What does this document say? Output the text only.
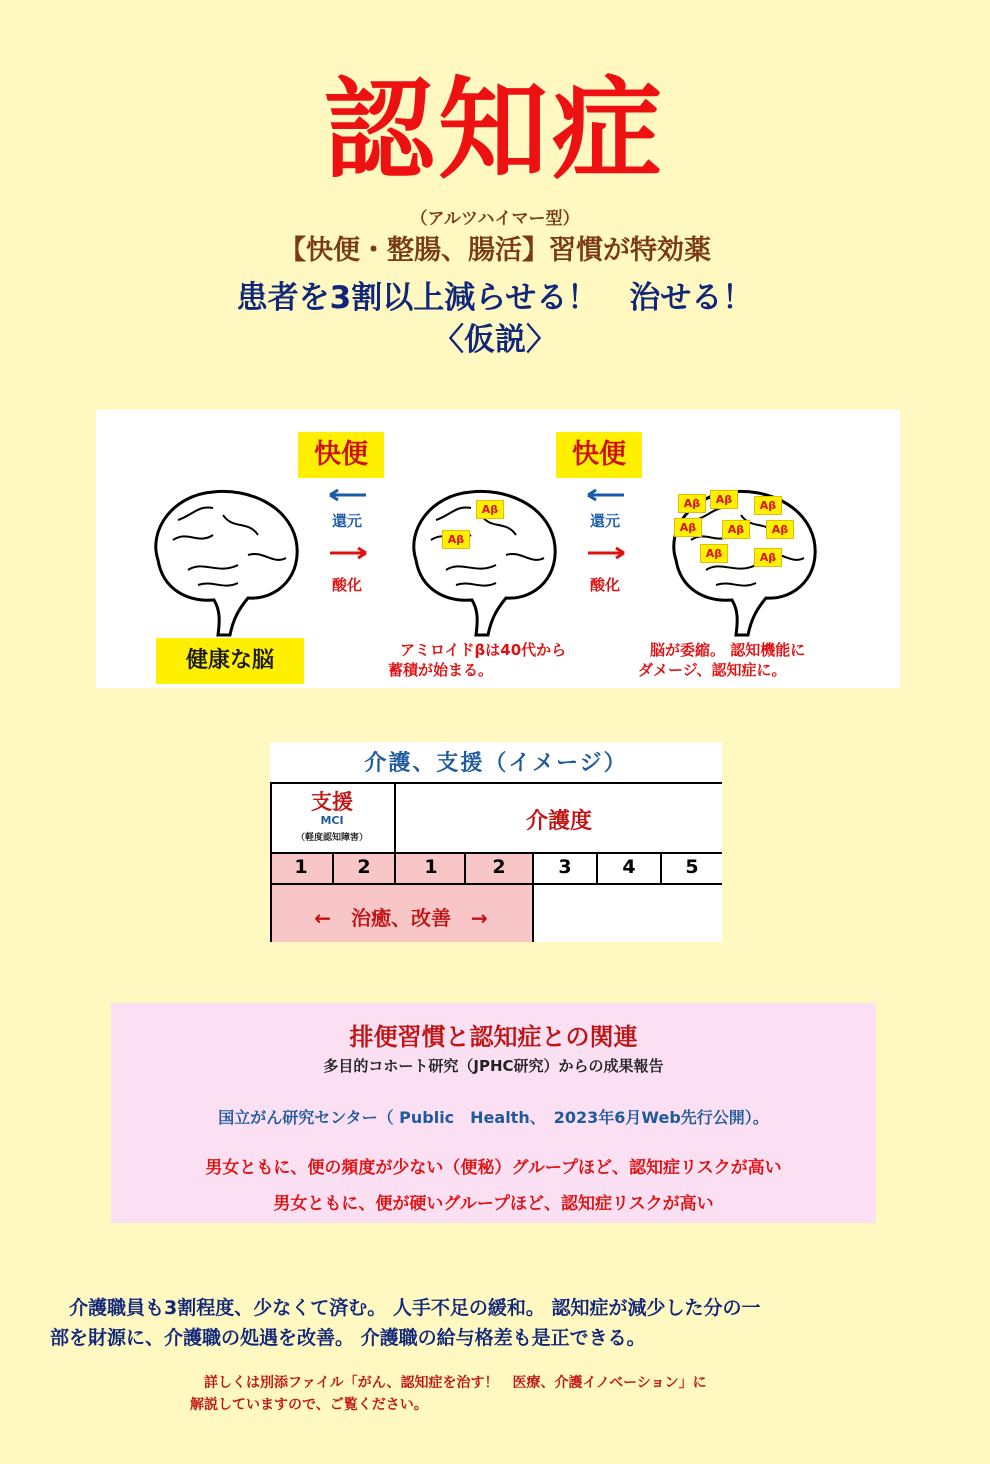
認知症
（アルツハイマー型）
【快便・整腸、腸活】習慣が特効薬
患者を3割以上減らせる！　治せる！
〈仮説〉
快便	快便
還元
酸化
還元
酸化
Aβ
Aβ
Aβ	Aβ	Aβ
Aβ	Aβ	Aβ
Aβ	Aβ
健康な脳	アミロイドβは40代から
蓄積が始まる。
脳が委縮。 認知機能に
ダメージ、認知症に。
介護、支援（イメージ）
支援
MCI
（軽度認知障害）
介護度
1	2	1	2	3	4	5
←　治癒、改善　→
排便習慣と認知症との関連
多目的コホート研究（JPHC研究）からの成果報告
国立がん研究センター（ Public　Health、　2023年6月Web先行公開）。
男女ともに、便の頻度が少ない（便秘）グループほど、認知症リスクが高い
男女ともに、便が硬いグループほど、認知症リスクが高い
　介護職員も3割程度、少なくて済む。 人手不足の緩和。 認知症が減少した分の一
部を財源に、介護職の処遇を改善。 介護職の給与格差も是正できる。
　詳しくは別添ファイル「がん、認知症を治す！　医療、介護イノベーション」に
解説していますので、ご覧ください。
